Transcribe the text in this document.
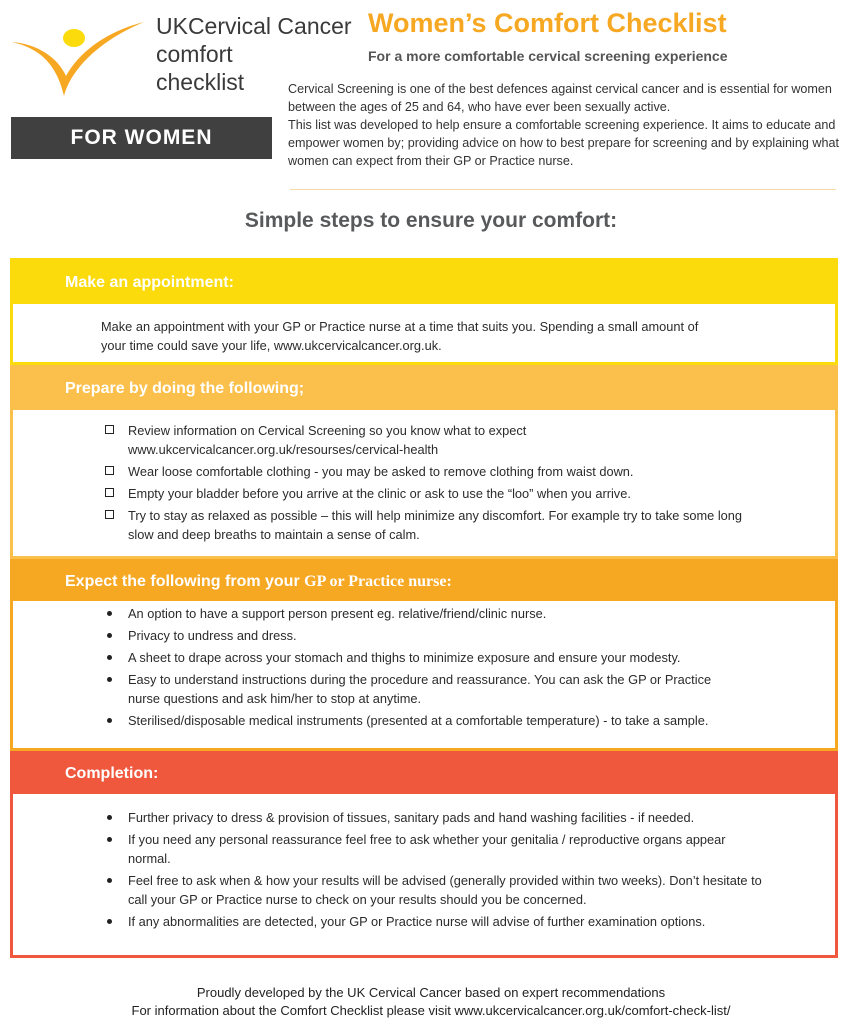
UKCervical Cancer
comfort
checklist
FOR WOMEN
Women’s Comfort Checklist
For a more comfortable cervical screening experience

Cervical Screening is one of the best defences against cervical cancer and is essential for women between the ages of 25 and 64, who have ever been sexually active.

This list was developed to help ensure a comfortable screening experience. It aims to educate and empower women by; providing advice on how to best prepare for screening and by explaining what women can expect from their GP or Practice nurse.

Simple steps to ensure your comfort:
Make an appointment:
Make an appointment with your GP or Practice nurse at a time that suits you. Spending a small amount of your time could save your life, www.ukcervicalcancer.org.uk.
Prepare by doing the following;
Review information on Cervical Screening so you know what to expect www.ukcervicalcancer.org.uk/resourses/cervical-health
Wear loose comfortable clothing - you may be asked to remove clothing from waist down.
Empty your bladder before you arrive at the clinic or ask to use the “loo” when you arrive.
Try to stay as relaxed as possible – this will help minimize any discomfort. For example try to take some long slow and deep breaths to maintain a sense of calm.
Expect the following from your GP or Practice nurse:
An option to have a support person present eg. relative/friend/clinic nurse.
Privacy to undress and dress.
A sheet to drape across your stomach and thighs to minimize exposure and ensure your modesty.
Easy to understand instructions during the procedure and reassurance. You can ask the GP or Practice nurse questions and ask him/her to stop at anytime.
Sterilised/disposable medical instruments (presented at a comfortable temperature) - to take a sample.
Completion:
Further privacy to dress & provision of tissues, sanitary pads and hand washing facilities - if needed.
If you need any personal reassurance feel free to ask whether your genitalia / reproductive organs appear normal.
Feel free to ask when & how your results will be advised (generally provided within two weeks). Don’t hesitate to call your GP or Practice nurse to check on your results should you be concerned.
If any abnormalities are detected, your GP or Practice nurse will advise of further examination options.
Proudly developed by the UK Cervical Cancer based on expert recommendations
For information about the Comfort Checklist please visit www.ukcervicalcancer.org.uk/comfort-check-list/
